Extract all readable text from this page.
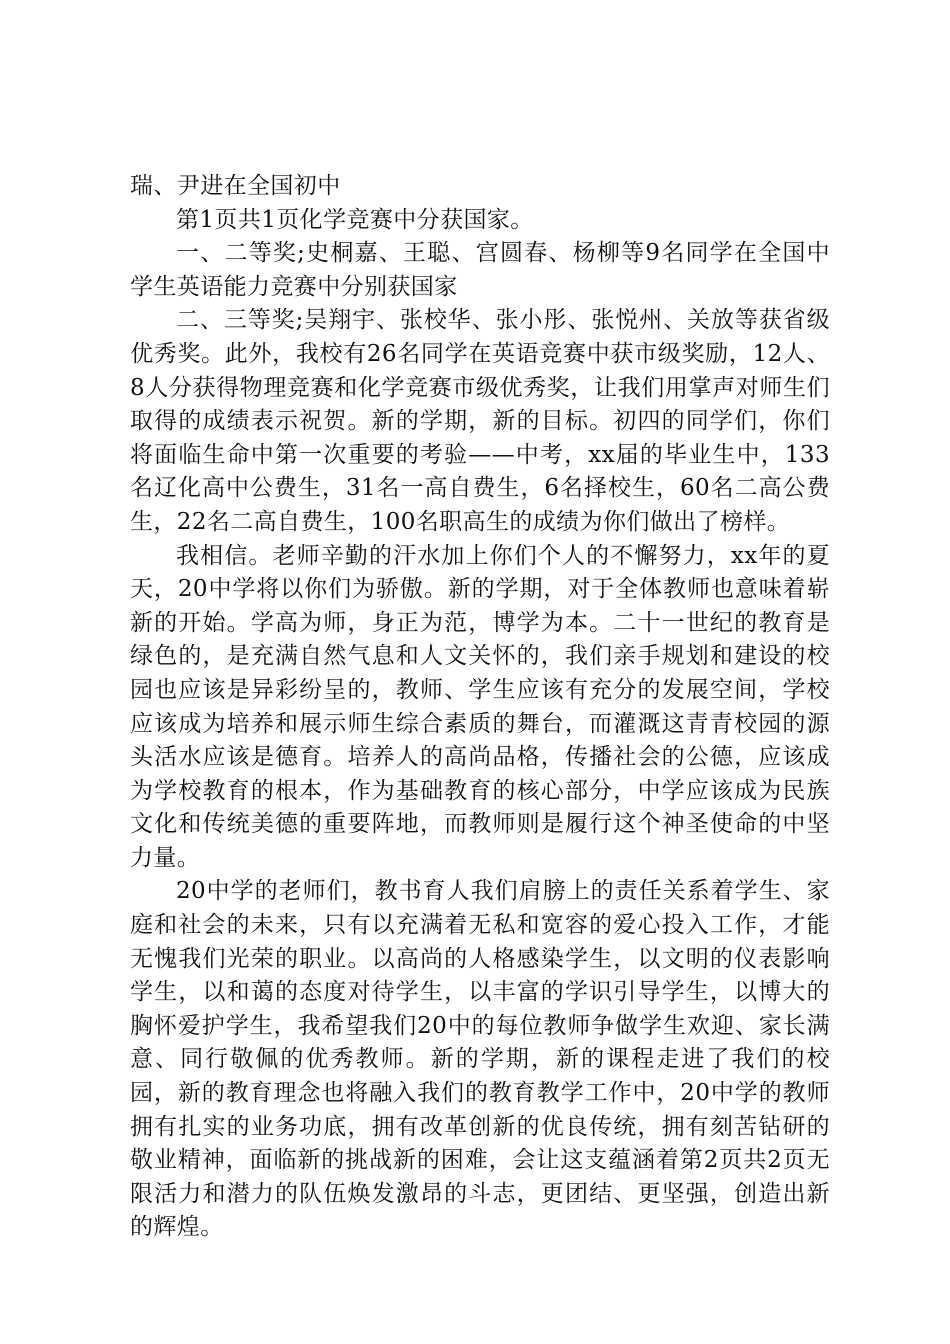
瑞、尹进在全国初中

第1页共1页化学竞赛中分获国家。

一、二等奖;史桐嘉、王聪、宫圆春、杨柳等9名同学在全国中学生英语能力竞赛中分别获国家

二、三等奖;吴翔宇、张校华、张小彤、张悦州、关放等获省级优秀奖。此外，我校有26名同学在英语竞赛中获市级奖励，12人、8人分获得物理竞赛和化学竞赛市级优秀奖，让我们用掌声对师生们取得的成绩表示祝贺。新的学期，新的目标。初四的同学们，你们将面临生命中第一次重要的考验——中考，xx届的毕业生中，133名辽化高中公费生，31名一高自费生，6名择校生，60名二高公费生，22名二高自费生，100名职高生的成绩为你们做出了榜样。

我相信。老师辛勤的汗水加上你们个人的不懈努力，xx年的夏天，20中学将以你们为骄傲。新的学期，对于全体教师也意味着崭新的开始。学高为师，身正为范，博学为本。二十一世纪的教育是绿色的，是充满自然气息和人文关怀的，我们亲手规划和建设的校园也应该是异彩纷呈的，教师、学生应该有充分的发展空间，学校应该成为培养和展示师生综合素质的舞台，而灌溉这青青校园的源头活水应该是德育。培养人的高尚品格，传播社会的公德，应该成为学校教育的根本，作为基础教育的核心部分，中学应该成为民族文化和传统美德的重要阵地，而教师则是履行这个神圣使命的中坚力量。

20中学的老师们，教书育人我们肩膀上的责任关系着学生、家庭和社会的未来，只有以充满着无私和宽容的爱心投入工作，才能无愧我们光荣的职业。以高尚的人格感染学生，以文明的仪表影响学生，以和蔼的态度对待学生，以丰富的学识引导学生，以博大的胸怀爱护学生，我希望我们20中的每位教师争做学生欢迎、家长满意、同行敬佩的优秀教师。新的学期，新的课程走进了我们的校园，新的教育理念也将融入我们的教育教学工作中，20中学的教师拥有扎实的业务功底，拥有改革创新的优良传统，拥有刻苦钻研的敬业精神，面临新的挑战新的困难，会让这支蕴涵着第2页共2页无限活力和潜力的队伍焕发激昂的斗志，更团结、更坚强，创造出新的辉煌。
